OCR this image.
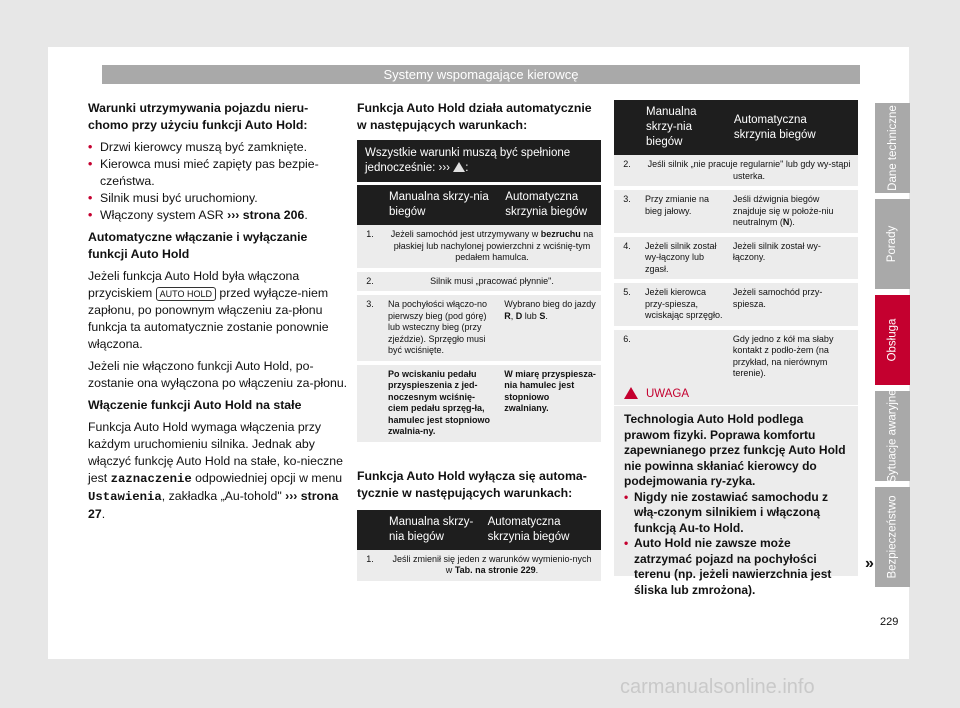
Systemy wspomagające kierowcę

Warunki utrzymywania pojazdu nieru-chomo przy użyciu funkcji Auto Hold:

• Drzwi kierowcy muszą być zamknięte.
• Kierowca musi mieć zapięty pas bezpie-czeństwa.
• Silnik musi być uruchomiony.
• Włączony system ASR ››› strona 206.

Automatyczne włączanie i wyłączanie funkcji Auto Hold

Jeżeli funkcja Auto Hold była włączona przyciskiem AUTO HOLD przed wyłącze-niem zapłonu, po ponownym włączeniu za-płonu funkcja ta automatycznie zostanie ponownie włączona.

Jeżeli nie włączono funkcji Auto Hold, po-zostanie ona wyłączona po włączeniu za-płonu.

Włączenie funkcji Auto Hold na stałe

Funkcja Auto Hold wymaga włączenia przy każdym uruchomieniu silnika. Jednak aby włączyć funkcję Auto Hold na stałe, ko-nieczne jest zaznaczenie odpowiedniej opcji w menu Ustawienia, zakładka „Au-tohold" ››› strona 27.

Funkcja Auto Hold działa automatycznie w następujących warunkach:
Wszystkie warunki muszą być spełnione jednocześnie: ››› :		

	Manualna skrzy-nia biegów	Automatyczna skrzynia biegów
1.	Jeżeli samochód jest utrzymywany w bezruchu na płaskiej lub nachylonej powierzchni z wciśnię-tym pedałem hamulca.	
2.	Silnik musi „pracować płynnie".	
3.	Na pochyłości włączo-no pierwszy bieg (pod górę) lub wsteczny bieg (przy zjeździe). Sprzęgło musi być wciśnięte.	Wybrano bieg do jazdy R, D lub S.
	Po wciskaniu pedału przyspieszenia z jed-noczesnym wciśnię-ciem pedału sprzęg-ła, hamulec jest stopniowo zwalnia-ny.	W miarę przyspiesza-nia hamulec jest stopniowo zwalniany.
Funkcja Auto Hold wyłącza się automa-tycznie w następujących warunkach:
	Manualna skrzy-nia biegów	Automatyczna skrzynia biegów
1.	Jeśli zmienił się jeden z warunków wymienio-nych w Tab. na stronie 229.	
	Manualna skrzy-nia biegów	Automatyczna skrzynia biegów
2.	Jeśli silnik „nie pracuje regularnie" lub gdy wy-stąpi usterka.	
3.	Przy zmianie na bieg jałowy.	Jeśli dźwignia biegów znajduje się w położe-niu neutralnym (N).
4.	Jeżeli silnik został wy-łączony lub zgasł.	Jeżeli silnik został wy-łączony.
5.	Jeżeli kierowca przy-spiesza, wciskając sprzęgło.	Jeżeli samochód przy-spiesza.
6.		Gdy jedno z kół ma słaby kontakt z podło-żem (na przykład, na nierównym terenie).
UWAGA

Technologia Auto Hold podlega prawom fizyki. Poprawa komfortu zapewnianego przez funkcję Auto Hold nie powinna skłaniać kierowcy do podejmowania ry-zyka.

• Nigdy nie zostawiać samochodu z włą-czonym silnikiem i włączoną funkcją Au-to Hold.
• Auto Hold nie zawsze może zatrzymać pojazd na pochyłości terenu (np. jeżeli nawierzchnia jest śliska lub zmrożona).
»
Dane techniczne
Porady
Obsługa
Sytuacje awaryjne
Bezpieczeństwo
229
carmanualsonline.info
